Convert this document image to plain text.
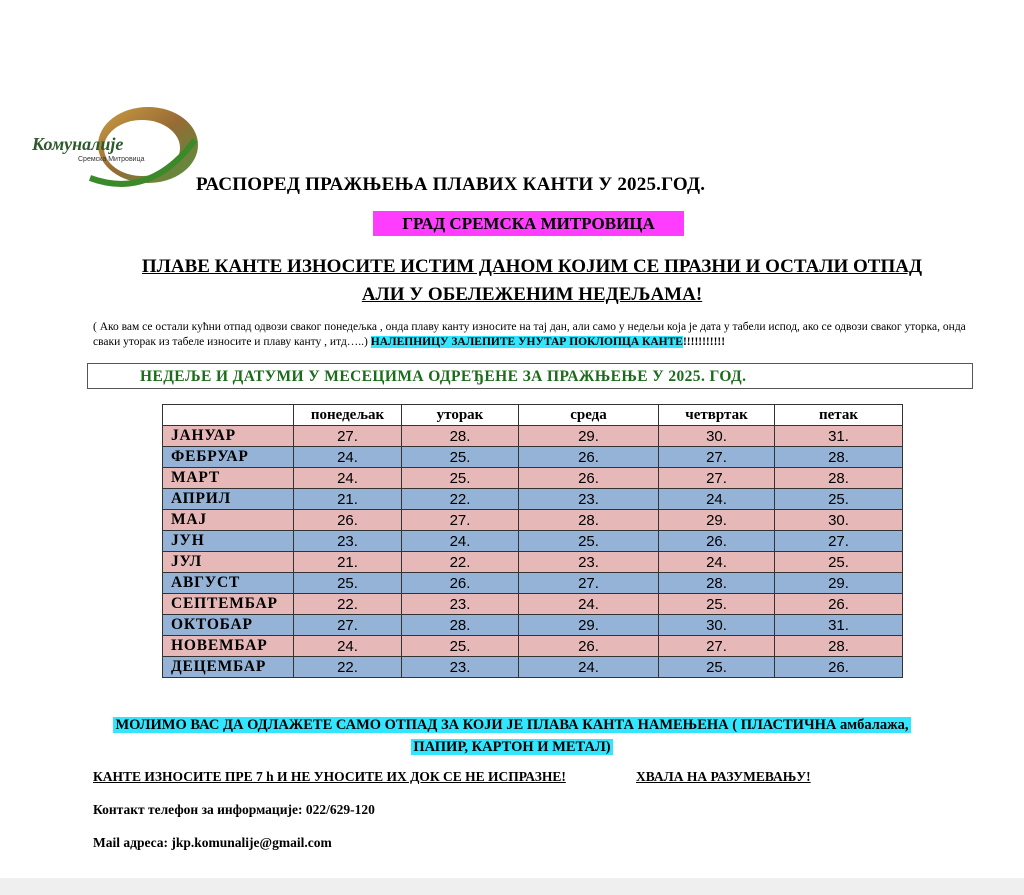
Комуналије
Сремска Митровица
РАСПОРЕД ПРАЖЊЕЊА ПЛАВИХ КАНТИ У 2025.ГОД.
ГРАД СРЕМСКА МИТРОВИЦА
ПЛАВЕ КАНТЕ ИЗНОСИТЕ ИСТИМ ДАНОМ КОЈИМ СЕ ПРАЗНИ И ОСТАЛИ ОТПАД
АЛИ У ОБЕЛЕЖЕНИМ НЕДЕЉАМА!
( Ако вам се остали кућни отпад одвози сваког понедељка , онда плаву канту износите на тај дан, али само у недељи која је дата у табели испод, ако се одвози сваког уторка, онда сваки уторак из табеле износите и плаву канту , итд…..) НАЛЕПНИЦУ ЗАЛЕПИТЕ УНУТАР ПОКЛОПЦА КАНТЕ!!!!!!!!!!!
НЕДЕЉЕ И ДАТУМИ У МЕСЕЦИМА ОДРЕЂЕНЕ ЗА ПРАЖЊЕЊЕ У 2025. ГОД.
	понедељак	уторак	среда	четвртак	петак
ЈАНУАР	27.	28.	29.	30.	31.
ФЕБРУАР	24.	25.	26.	27.	28.
МАРТ	24.	25.	26.	27.	28.
АПРИЛ	21.	22.	23.	24.	25.
МАЈ	26.	27.	28.	29.	30.
ЈУН	23.	24.	25.	26.	27.
ЈУЛ	21.	22.	23.	24.	25.
АВГУСТ	25.	26.	27.	28.	29.
СЕПТЕМБАР	22.	23.	24.	25.	26.
ОКТОБАР	27.	28.	29.	30.	31.
НОВЕМБАР	24.	25.	26.	27.	28.
ДЕЦЕМБАР	22.	23.	24.	25.	26.
МОЛИМО ВАС ДА ОДЛАЖЕТЕ САМО ОТПАД ЗА КОЈИ ЈЕ ПЛАВА КАНТА НАМЕЊЕНА ( ПЛАСТИЧНА амбалажа,
ПАПИР, КАРТОН И МЕТАЛ)
КАНТЕ ИЗНОСИТЕ ПРЕ 7 h И НЕ УНОСИТЕ ИХ ДОК СЕ НЕ ИСПРАЗНЕ!	ХВАЛА НА РАЗУМЕВАЊУ!
Контакт телефон за информације: 022/629-120
Mail адреса: jkp.komunalije@gmail.com
